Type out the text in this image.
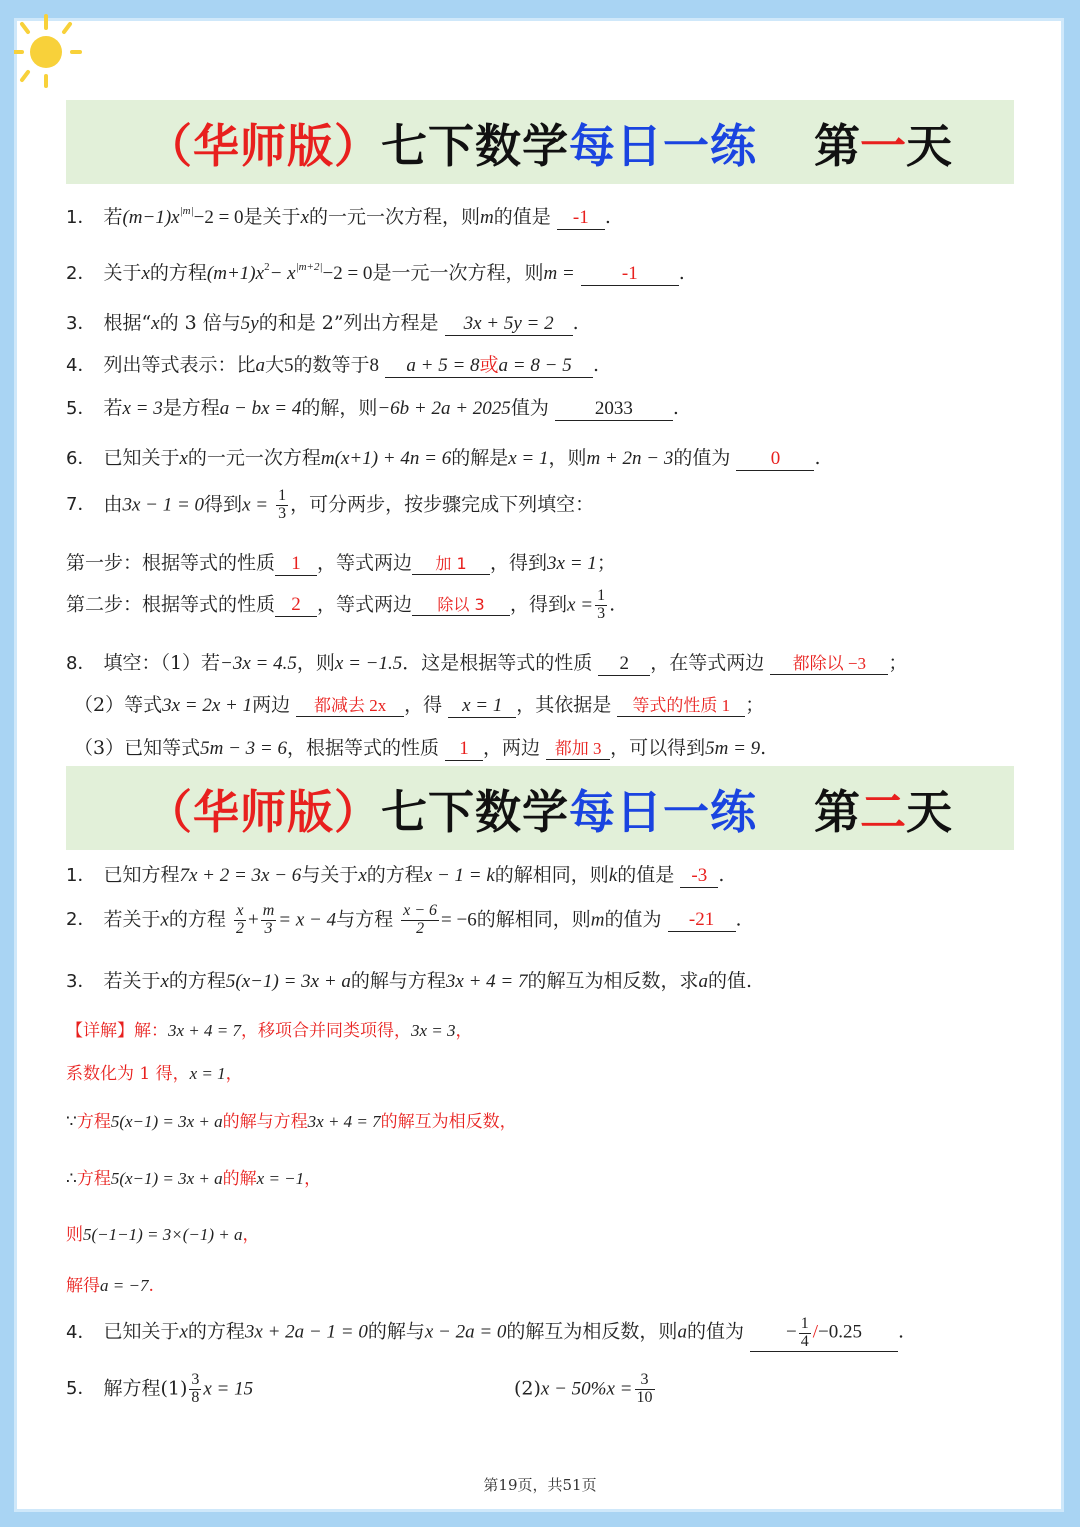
（华师版）七下数学每日一练 第一天
1． 若$(m-1)x^{|m|}-2 = 0$是关于x的一元一次方程，则m的值是 -1 .
2． 关于x的方程$(m+1)x^2- x^{|m+2|}-2 = 0$是一元一次方程，则m = -1 .
3． 根据“x的 3 倍与5y的和是 2”列出方程是 3x + 5y = 2 .
4． 列出等式表示：比a大5的数等于8 a + 5 = 8或a = 8 − 5 .
5． 若x = 3是方程a − bx = 4的解，则−6b + 2a + 2025值为 2033 .
6． 已知关于x的一元一次方程m(x+1) + 4n = 6的解是x = 1，则m + 2n − 3的值为 0 .
7． 由3x − 1 = 0得到$x = \frac{1}{3}$ ，可分两步，按步骤完成下列填空：
第一步：根据等式的性质 1 ，等式两边 加 1 ，得到3x = 1；
第二步：根据等式的性质 2 ，等式两边 除以 3 ，得到$x = \frac{1}{3}$ .
8． 填空：（1）若−3x = 4.5，则x = −1.5．这是根据等式的性质 2 ，在等式两边 都除以 −3 ；
（2）等式3x = 2x + 1两边 都减去 2x ，得 x = 1 ，其依据是 等式的性质 1 ；
（3）已知等式5m − 3 = 6，根据等式的性质 1 ，两边 都加 3 ，可以得到5m = 9.
（华师版）七下数学每日一练 第二天
1． 已知方程7x + 2 = 3x − 6与关于x的方程x − 1 = k的解相同，则k的值是 -3 .
2． 若关于x的方程 $\frac{x}{2} + \frac{m}{3} = x - 4$与方程 $\frac{x - 6}{2} = -6$的解相同，则m的值为 -21 .
3． 若关于x的方程5(x−1) = 3x + a的解与方程3x + 4 = 7的解互为相反数，求a的值.
【详解】解：3x + 4 = 7，移项合并同类项得，3x = 3，
系数化为 1 得，x = 1，
∵方程5(x−1) = 3x + a的解与方程3x + 4 = 7的解互为相反数，
∴方程5(x−1) = 3x + a的解x = −1，
则5(−1−1) = 3×(−1) + a，
解得a = −7.
4． 已知关于x的方程3x + 2a − 1 = 0的解与x − 2a = 0的解互为相反数，则a的值为 − $\frac{1}{4} /-0.25$ .
5． 解方程$(1) \frac{3}{8}$ x = 15	$(2)x - 50\%x = \frac{3}{10}$
第19页，共51页
